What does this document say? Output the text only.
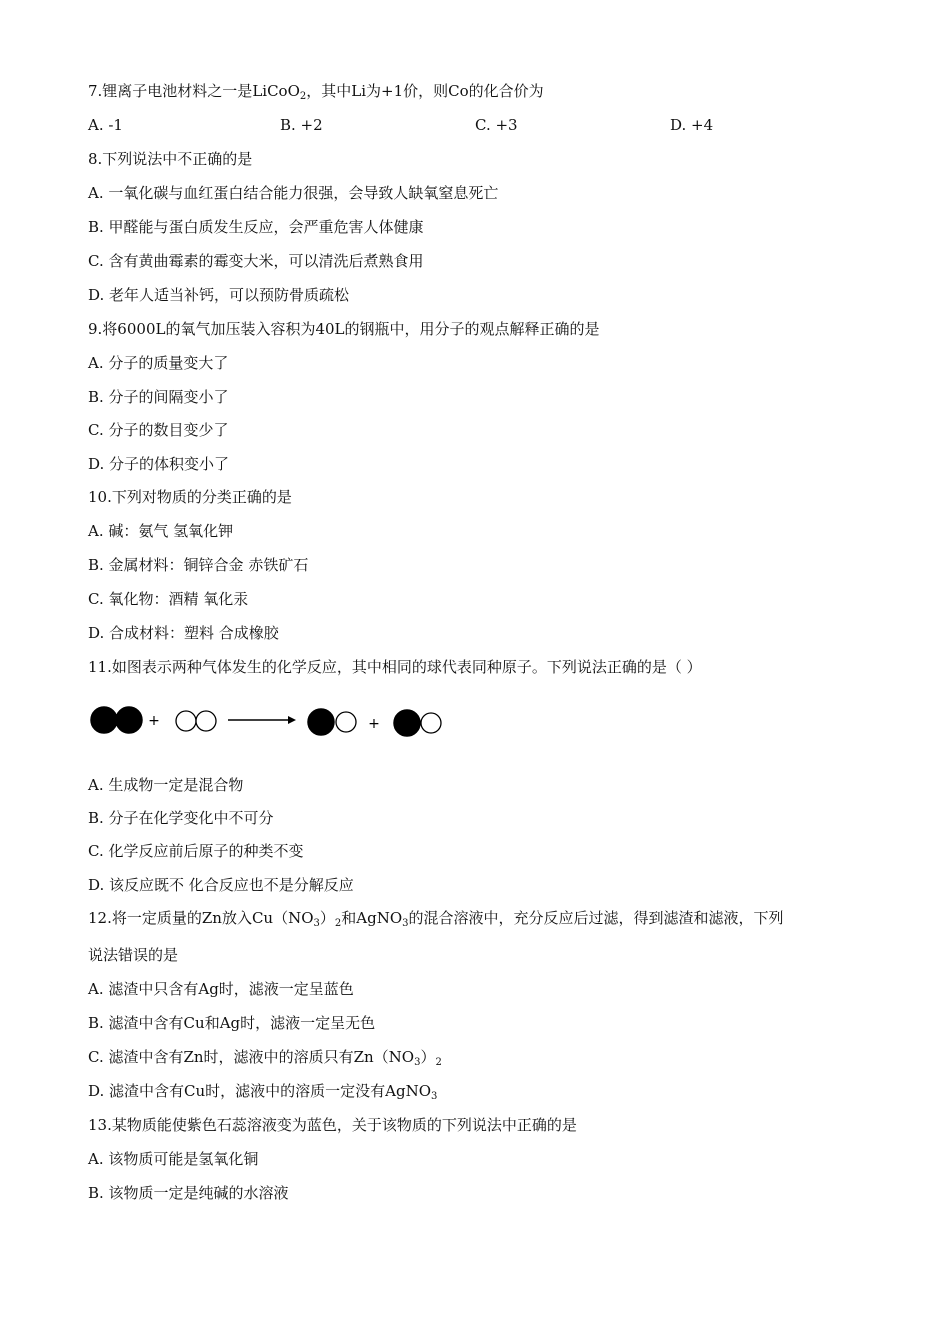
7.锂离子电池材料之一是LiCoO$_2$，其中Li为+1价，则Co的化合价为
A. -1	B. +2	C. +3	D. +4
8.下列说法中不正确的是
A. 一氧化碳与血红蛋白结合能力很强，会导致人缺氧窒息死亡
B. 甲醛能与蛋白质发生反应，会严重危害人体健康
C. 含有黄曲霉素的霉变大米，可以清洗后煮熟食用
D. 老年人适当补钙，可以预防骨质疏松
9.将6000L的氧气加压装入容积为40L的钢瓶中，用分子的观点解释正确的是
A. 分子的质量变大了
B. 分子的间隔变小了
C. 分子的数目变少了
D. 分子的体积变小了
10.下列对物质的分类正确的是
A. 碱：氨气 氢氧化钾
B. 金属材料：铜锌合金 赤铁矿石
C. 氧化物：酒精 氧化汞
D. 合成材料：塑料 合成橡胶
11.如图表示两种气体发生的化学反应，其中相同的球代表同种原子。下列说法正确的是（ ）
+	+
A. 生成物一定是混合物
B. 分子在化学变化中不可分
C. 化学反应前后原子的种类不变
D. 该反应既不 化合反应也不是分解反应
12.将一定质量的Zn放入$Cu(NO_3)_2$和AgNO$_3$的混合溶液中，充分反应后过滤，得到滤渣和滤液，下列
说法错误的是
A. 滤渣中只含有Ag时，滤液一定呈蓝色
B. 滤渣中含有Cu和Ag时，滤液一定呈无色
C. 滤渣中含有Zn时，滤液中的溶质只有$Zn(NO_3)_2$
D. 滤渣中含有Cu时，滤液中的溶质一定没有AgNO$_3$
13.某物质能使紫色石蕊溶液变为蓝色，关于该物质的下列说法中正确的是
A. 该物质可能是氢氧化铜
B. 该物质一定是纯碱的水溶液
